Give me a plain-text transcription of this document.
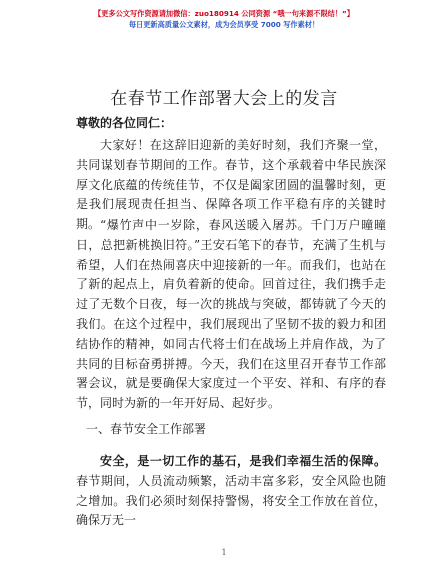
【更多公文写作资源请加微信：zuo180914 公同资源 “哦一句来源不限结！”】
每日更新高质量公文素材，成为会员享受 7000 写作素材！
在春节工作部署大会上的发言
尊敬的各位同仁：

大家好！在这辞旧迎新的美好时刻，我们齐聚一堂，共同谋划春节期间的工作。春节，这个承载着中华民族深厚文化底蕴的传统佳节，不仅是阖家团圆的温馨时刻，更是我们展现责任担当、保障各项工作平稳有序的关键时期。 “爆竹声中一岁除，春风送暖入屠苏。千门万户曈曈日，总把新桃换旧符。”王安石笔下的春节，充满了生机与希望，人们在热闹喜庆中迎接新的一年。而我们，也站在了新的起点上，肩负着新的使命。回首过往，我们携手走过了无数个日夜，每一次的挑战与突破，都铸就了今天的我们。在这个过程中，我们展现出了坚韧不拔的毅力和团结协作的精神，如同古代将士们在战场上并肩作战，为了共同的目标奋勇拼搏。今天，我们在这里召开春节工作部署会议，就是要确保大家度过一个平安、祥和、有序的春节，同时为新的一年开好局、起好步。

一、春节安全工作部署

安全，是一切工作的基石，是我们幸福生活的保障。春节期间，人员流动频繁，活动丰富多彩，安全风险也随之增加。我们必须时刻保持警惕，将安全工作放在首位，确保万无一

1
